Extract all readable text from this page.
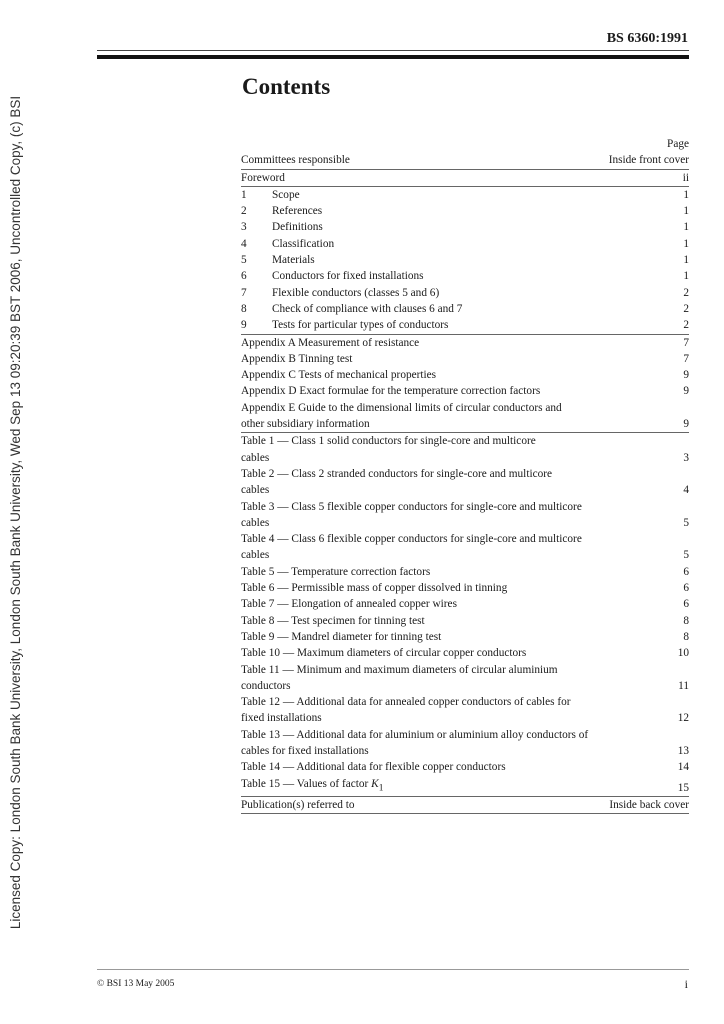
Licensed Copy: London South Bank University, London South Bank University, Wed Sep 13 09:20:39 BST 2006, Uncontrolled Copy, (c) BSI
BS 6360:1991
Contents
Page
Committees responsible	Inside front cover
Foreword	ii
1 Scope	1
2 References	1
3 Definitions	1
4 Classification	1
5 Materials	1
6 Conductors for fixed installations	1
7 Flexible conductors (classes 5 and 6)	2
8 Check of compliance with clauses 6 and 7	2
9 Tests for particular types of conductors	2
Appendix A Measurement of resistance	7
Appendix B Tinning test	7
Appendix C Tests of mechanical properties	9
Appendix D Exact formulae for the temperature correction factors	9
Appendix E Guide to the dimensional limits of circular conductors and other subsidiary information	9
Table 1 — Class 1 solid conductors for single-core and multicore cables	3
Table 2 — Class 2 stranded conductors for single-core and multicore cables	4
Table 3 — Class 5 flexible copper conductors for single-core and multicore cables	5
Table 4 — Class 6 flexible copper conductors for single-core and multicore cables	5
Table 5 — Temperature correction factors	6
Table 6 — Permissible mass of copper dissolved in tinning	6
Table 7 — Elongation of annealed copper wires	6
Table 8 — Test specimen for tinning test	8
Table 9 — Mandrel diameter for tinning test	8
Table 10 — Maximum diameters of circular copper conductors	10
Table 11 — Minimum and maximum diameters of circular aluminium conductors	11
Table 12 — Additional data for annealed copper conductors of cables for fixed installations	12
Table 13 — Additional data for aluminium or aluminium alloy conductors of cables for fixed installations	13
Table 14 — Additional data for flexible copper conductors	14
Table 15 — Values of factor $K_1$	15
Publication(s) referred to	Inside back cover
© BSI 13 May 2005	i
